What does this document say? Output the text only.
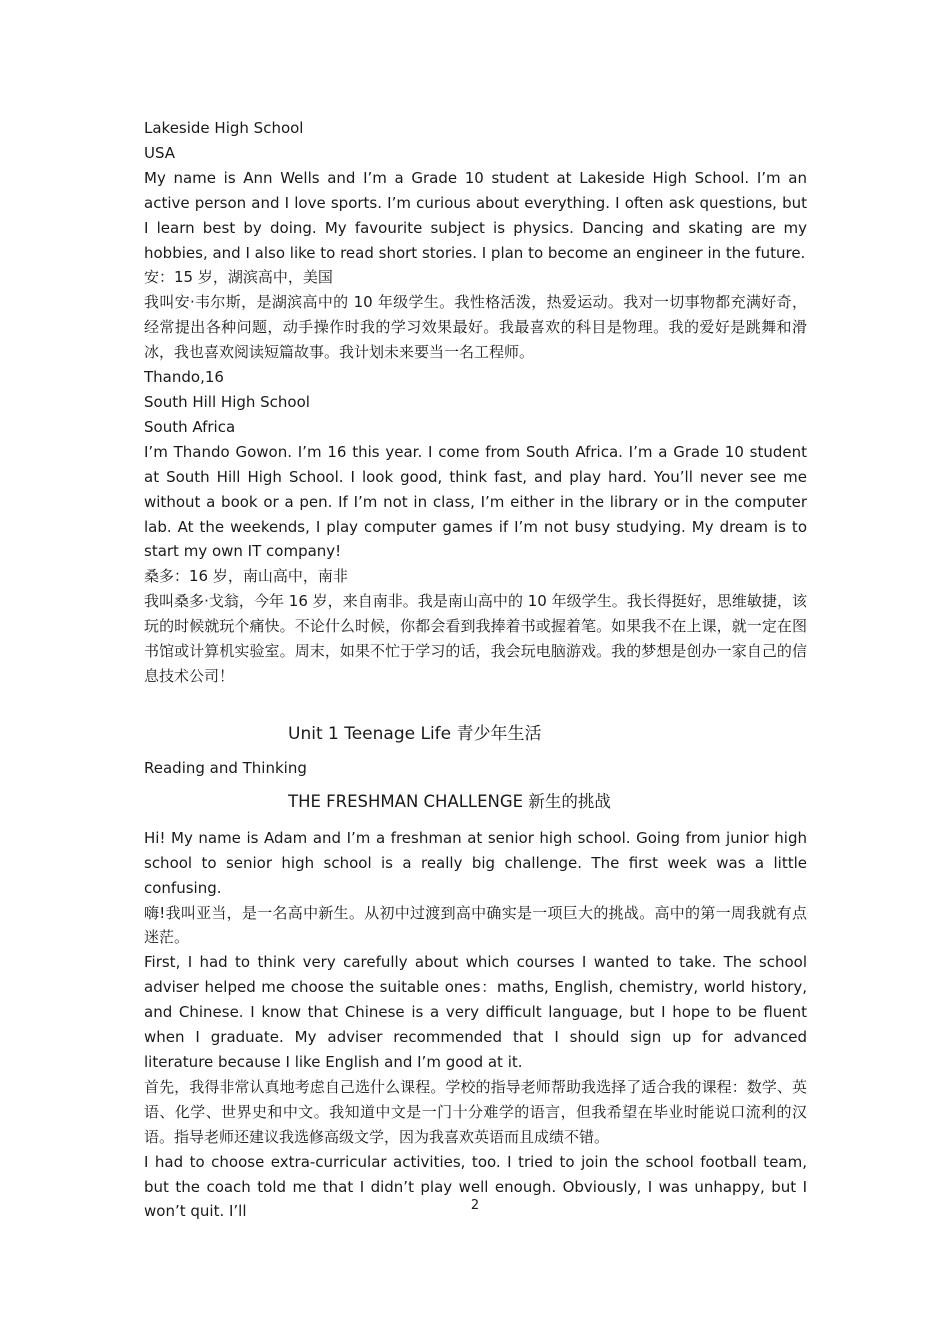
Lakeside High School

USA

My name is Ann Wells and I’m a Grade 10 student at Lakeside High School. I’m an active person and I love sports. I’m curious about everything. I often ask questions, but I learn best by doing. My favourite subject is physics. Dancing and skating are my hobbies, and I also like to read short stories. I plan to become an engineer in the future.

安：15 岁，湖滨高中，美国

我叫安·韦尔斯，是湖滨高中的 10 年级学生。我性格活泼，热爱运动。我对一切事物都充满好奇，经常提出各种问题，动手操作时我的学习效果最好。我最喜欢的科目是物理。我的爱好是跳舞和滑冰，我也喜欢阅读短篇故事。我计划未来要当一名工程师。

Thando,16

South Hill High School

South Africa

I’m Thando Gowon. I’m 16 this year. I come from South Africa. I’m a Grade 10 student at South Hill High School. I look good, think fast, and play hard. You’ll never see me without a book or a pen. If I’m not in class, I’m either in the library or in the computer lab. At the weekends, I play computer games if I’m not busy studying. My dream is to start my own IT company!

桑多：16 岁，南山高中，南非

我叫桑多·戈翁，今年 16 岁，来自南非。我是南山高中的 10 年级学生。我长得挺好，思维敏捷，该玩的时候就玩个痛快。不论什么时候，你都会看到我捧着书或握着笔。如果我不在上课，就一定在图书馆或计算机实验室。周末，如果不忙于学习的话，我会玩电脑游戏。我的梦想是创办一家自己的信息技术公司！

Unit 1 Teenage Life 青少年生活

Reading and Thinking

THE FRESHMAN CHALLENGE 新生的挑战

Hi! My name is Adam and I’m a freshman at senior high school. Going from junior high school to senior high school is a really big challenge. The first week was a little confusing.

嗨!我叫亚当，是一名高中新生。从初中过渡到高中确实是一项巨大的挑战。高中的第一周我就有点迷茫。

First, I had to think very carefully about which courses I wanted to take. The school adviser helped me choose the suitable ones：maths, English, chemistry, world history, and Chinese. I know that Chinese is a very difficult language, but I hope to be fluent when I graduate. My adviser recommended that I should sign up for advanced literature because I like English and I’m good at it.

首先，我得非常认真地考虑自己选什么课程。学校的指导老师帮助我选择了适合我的课程：数学、英语、化学、世界史和中文。我知道中文是一门十分难学的语言，但我希望在毕业时能说口流利的汉语。指导老师还建议我选修高级文学，因为我喜欢英语而且成绩不错。

I had to choose extra-curricular activities, too. I tried to join the school football team, but the coach told me that I didn’t play well enough. Obviously, I was unhappy, but I won’t quit. I’ll	2
